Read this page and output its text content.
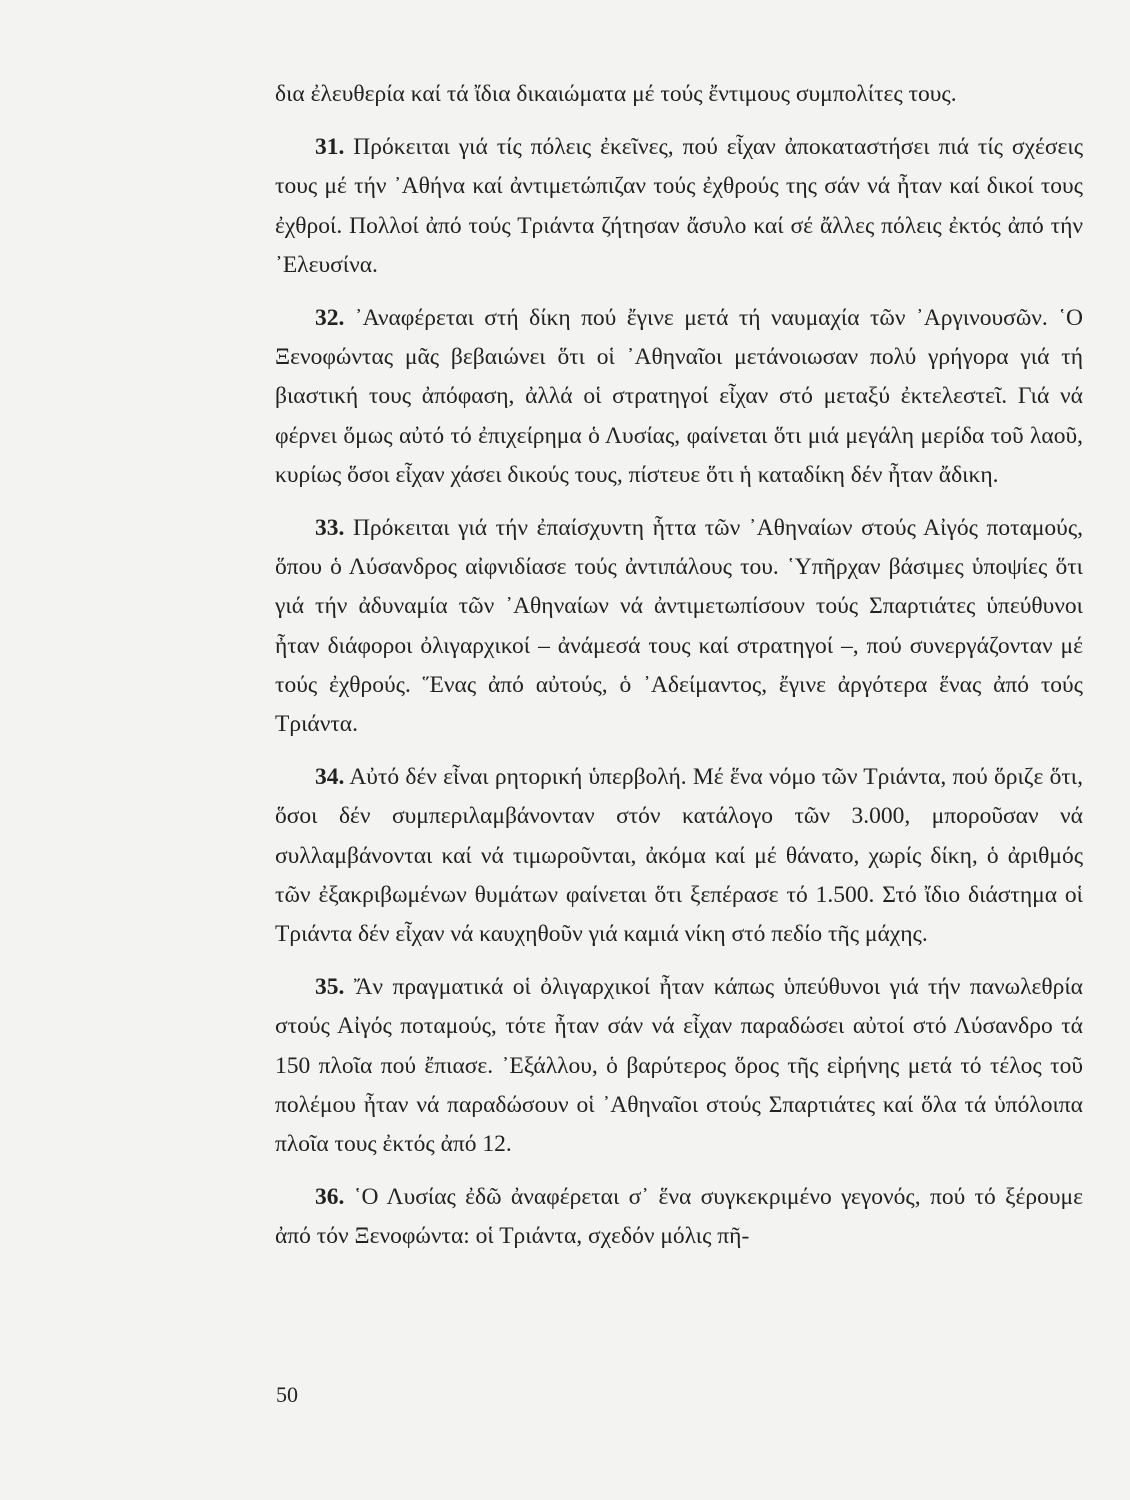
δια ἐλευθερία καί τά ἴδια δικαιώματα μέ τούς ἔντιμους συμπολίτες τους.

31. Πρόκειται γιά τίς πόλεις ἐκεῖνες, πού εἶχαν ἀποκαταστήσει πιά τίς σχέσεις τους μέ τήν ᾿Αθήνα καί ἀντιμετώπιζαν τούς ἐχθρούς της σάν νά ἦταν καί δικοί τους ἐχθροί. Πολλοί ἀπό τούς Τριάντα ζήτησαν ἄσυλο καί σέ ἄλλες πόλεις ἐκτός ἀπό τήν ᾿Ελευσίνα.

32. ᾿Αναφέρεται στή δίκη πού ἔγινε μετά τή ναυμαχία τῶν ᾿Αργινουσῶν. ῾Ο Ξενοφώντας μᾶς βεβαιώνει ὅτι οἱ ᾿Αθηναῖοι μετάνοιωσαν πολύ γρήγορα γιά τή βιαστική τους ἀπόφαση, ἀλλά οἱ στρατηγοί εἶχαν στό μεταξύ ἐκτελεστεῖ. Γιά νά φέρνει ὅμως αὐτό τό ἐπιχείρημα ὁ Λυσίας, φαίνεται ὅτι μιά μεγάλη μερίδα τοῦ λαοῦ, κυρίως ὅσοι εἶχαν χάσει δικούς τους, πίστευε ὅτι ἡ καταδίκη δέν ἦταν ἄδικη.

33. Πρόκειται γιά τήν ἐπαίσχυντη ἧττα τῶν ᾿Αθηναίων στούς Αἰγός ποταμούς, ὅπου ὁ Λύσανδρος αἰφνιδίασε τούς ἀντιπάλους του. ῾Υπῆρχαν βάσιμες ὑποψίες ὅτι γιά τήν ἀδυναμία τῶν ᾿Αθηναίων νά ἀντιμετωπίσουν τούς Σπαρτιάτες ὑπεύθυνοι ἦταν διάφοροι ὀλιγαρχικοί – ἀνάμεσά τους καί στρατηγοί –, πού συνεργάζονταν μέ τούς ἐχθρούς. Ἕνας ἀπό αὐτούς, ὁ ᾿Αδείμαντος, ἔγινε ἀργότερα ἕνας ἀπό τούς Τριάντα.

34. Αὐτό δέν εἶναι ρητορική ὑπερβολή. Μέ ἕνα νόμο τῶν Τριάντα, πού ὅριζε ὅτι, ὅσοι δέν συμπεριλαμβάνονταν στόν κατάλογο τῶν 3.000, μποροῦσαν νά συλλαμβάνονται καί νά τιμωροῦνται, ἀκόμα καί μέ θάνατο, χωρίς δίκη, ὁ ἀριθμός τῶν ἐξακριβωμένων θυμάτων φαίνεται ὅτι ξεπέρασε τό 1.500. Στό ἴδιο διάστημα οἱ Τριάντα δέν εἶχαν νά καυχηθοῦν γιά καμιά νίκη στό πεδίο τῆς μάχης.

35. Ἄν πραγματικά οἱ ὀλιγαρχικοί ἦταν κάπως ὑπεύθυνοι γιά τήν πανωλεθρία στούς Αἰγός ποταμούς, τότε ἦταν σάν νά εἶχαν παραδώσει αὐτοί στό Λύσανδρο τά 150 πλοῖα πού ἔπιασε. ᾿Εξάλλου, ὁ βαρύτερος ὅρος τῆς εἰρήνης μετά τό τέλος τοῦ πολέμου ἦταν νά παραδώσουν οἱ ᾿Αθηναῖοι στούς Σπαρτιάτες καί ὅλα τά ὑπόλοιπα πλοῖα τους ἐκτός ἀπό 12.

36. ῾Ο Λυσίας ἐδῶ ἀναφέρεται σ᾿ ἕνα συγκεκριμένο γεγονός, πού τό ξέρουμε ἀπό τόν Ξενοφώντα: οἱ Τριάντα, σχεδόν μόλις πῆ-

50
